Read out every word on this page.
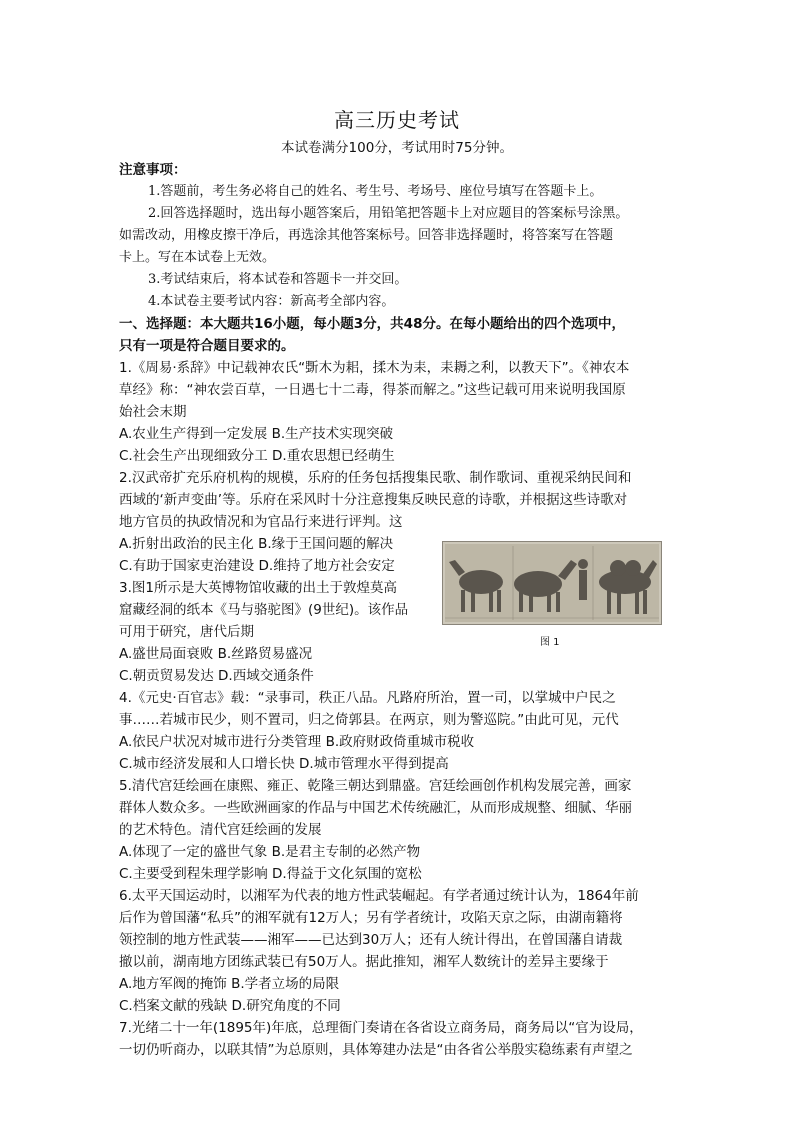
高三历史考试
本试卷满分100分，考试用时75分钟。
注意事项：
1.答题前，考生务必将自己的姓名、考生号、考场号、座位号填写在答题卡上。
2.回答选择题时，选出每小题答案后，用铅笔把答题卡上对应题目的答案标号涂黑。
如需改动，用橡皮擦干净后，再选涂其他答案标号。回答非选择题时，将答案写在答题
卡上。写在本试卷上无效。
3.考试结束后，将本试卷和答题卡一并交回。
4.本试卷主要考试内容：新高考全部内容。
一、选择题：本大题共16小题，每小题3分，共48分。在每小题给出的四个选项中，
只有一项是符合题目要求的。
1.《周易·系辞》中记载神农氏“斲木为耜，揉木为耒，耒耨之利，以教天下”。《神农本
草经》称：“神农尝百草，一日遇七十二毒，得茶而解之。”这些记载可用来说明我国原
始社会末期
A.农业生产得到一定发展 B.生产技术实现突破
C.社会生产出现细致分工 D.重农思想已经萌生
2.汉武帝扩充乐府机构的规模，乐府的任务包括搜集民歌、制作歌词、重视采纳民间和
西域的‘新声变曲’等。乐府在采风时十分注意搜集反映民意的诗歌，并根据这些诗歌对
地方官员的执政情况和为官品行来进行评判。这
A.折射出政治的民主化 B.缘于王国问题的解决
C.有助于国家吏治建设 D.维持了地方社会安定
3.图1所示是大英博物馆收藏的出土于敦煌莫高
窟藏经洞的纸本《马与骆驼图》(9世纪)。该作品
可用于研究，唐代后期
A.盛世局面衰败 B.丝路贸易盛况
C.朝贡贸易发达 D.西域交通条件
4.《元史·百官志》载：“录事司，秩正八品。凡路府所治，置一司，以掌城中户民之
事……若城市民少，则不置司，归之倚郭县。在两京，则为警巡院。”由此可见，元代
A.依民户状况对城市进行分类管理 B.政府财政倚重城市税收
C.城市经济发展和人口增长快 D.城市管理水平得到提高
5.清代宫廷绘画在康熙、雍正、乾隆三朝达到鼎盛。宫廷绘画创作机构发展完善，画家
群体人数众多。一些欧洲画家的作品与中国艺术传统融汇，从而形成规整、细腻、华丽
的艺术特色。清代宫廷绘画的发展
A.体现了一定的盛世气象 B.是君主专制的必然产物
C.主要受到程朱理学影响 D.得益于文化氛围的宽松
6.太平天国运动时，以湘军为代表的地方性武装崛起。有学者通过统计认为，1864年前
后作为曾国藩“私兵”的湘军就有12万人；另有学者统计，攻陷天京之际，由湖南籍将
领控制的地方性武装——湘军——已达到30万人；还有人统计得出，在曾国藩自请裁
撤以前，湖南地方团练武装已有50万人。据此推知，湘军人数统计的差异主要缘于
A.地方军阀的掩饰 B.学者立场的局限
C.档案文献的残缺 D.研究角度的不同
7.光绪二十一年(1895年)年底，总理衙门奏请在各省设立商务局，商务局以“官为设局，
一切仍听商办，以联其情”为总原则，具体筹建办法是“由各省公举殷实稳练素有声望之
图 1
